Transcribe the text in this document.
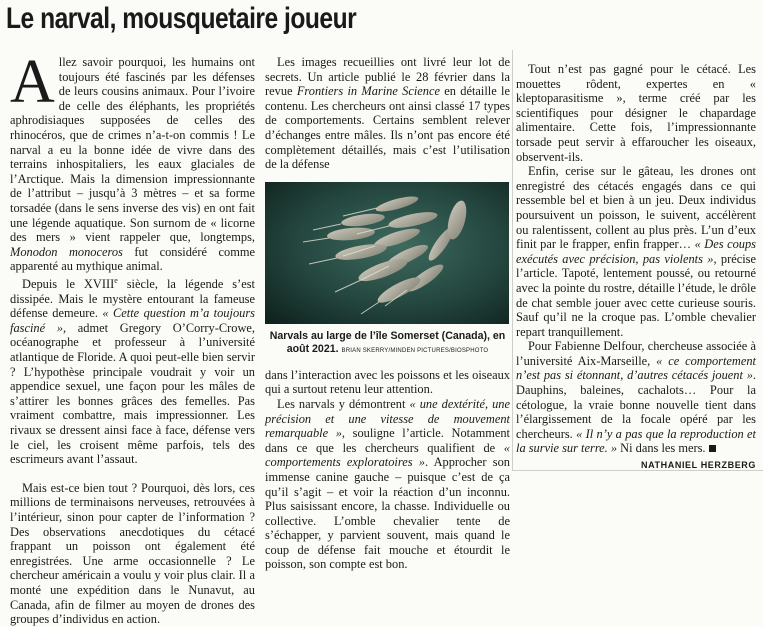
Le narval, mousquetaire joueur

Allez savoir pourquoi, les humains ont toujours été fascinés par les défenses de leurs cousins animaux. Pour l’ivoire de celle des éléphants, les propriétés aphrodisiaques supposées de celles des rhinocéros, que de crimes n’a-t-on commis ! Le narval a eu la bonne idée de vivre dans des terrains inhospitaliers, les eaux glaciales de l’Arctique. Mais la dimension impressionnante de l’attribut – jusqu’à 3 mètres – et sa forme torsadée (dans le sens inverse des vis) en ont fait une légende aquatique. Son surnom de « licorne des mers » vient rappeler que, longtemps, Monodon monoceros fut considéré comme apparenté au mythique animal.

Depuis le XVIIIe siècle, la légende s’est dissipée. Mais le mystère entourant la fameuse défense demeure. « Cette question m’a toujours fasciné », admet Gregory O’Corry-Crowe, océanographe et professeur à l’université atlantique de Floride. A quoi peut-elle bien servir ? L’hypothèse principale voudrait y voir un appendice sexuel, une façon pour les mâles de s’attirer les bonnes grâces des femelles. Pas vraiment combattre, mais impressionner. Les rivaux se dressent ainsi face à face, défense vers le ciel, les croisent même parfois, tels des escrimeurs avant l’assaut.

Mais est-ce bien tout ? Pourquoi, dès lors, ces millions de terminaisons nerveuses, retrouvées à l’intérieur, sinon pour capter de l’information ? Des observations anecdotiques du cétacé frappant un poisson ont également été enregistrées. Une arme occasionnelle ? Le chercheur américain a voulu y voir plus clair. Il a monté une expédition dans le Nunavut, au Canada, afin de filmer au moyen de drones des groupes d’individus en action.

Les images recueillies ont livré leur lot de secrets. Un article publié le 28 février dans la revue Frontiers in Marine Science en détaille le contenu. Les chercheurs ont ainsi classé 17 types de comportements. Certains semblent relever d’échanges entre mâles. Ils n’ont pas encore été complètement détaillés, mais c’est l’utilisation de la défense

Narvals au large de l’île Somerset (Canada), en août 2021. BRIAN SKERRY/MINDEN PICTURES/BIOSPHOTO

dans l’interaction avec les poissons et les oiseaux qui a surtout retenu leur attention.

Les narvals y démontrent « une dextérité, une précision et une vitesse de mouvement remarquable », souligne l’article. Notamment dans ce que les chercheurs qualifient de « comportements exploratoires ». Approcher son immense canine gauche – puisque c’est de ça qu’il s’agit – et voir la réaction d’un inconnu. Plus saisissant encore, la chasse. Individuelle ou collective. L’omble chevalier tente de s’échapper, y parvient souvent, mais quand le coup de défense fait mouche et étourdit le poisson, son compte est bon.

Tout n’est pas gagné pour le cétacé. Les mouettes rôdent, expertes en « kleptoparasitisme », terme créé par les scientifiques pour désigner le chapardage alimentaire. Cette fois, l’impressionnante torsade peut servir à effaroucher les oiseaux, observent-ils.

Enfin, cerise sur le gâteau, les drones ont enregistré des cétacés engagés dans ce qui ressemble bel et bien à un jeu. Deux individus poursuivent un poisson, le suivent, accélèrent ou ralentissent, collent au plus près. L’un d’eux finit par le frapper, enfin frapper… « Des coups exécutés avec précision, pas violents », précise l’article. Tapoté, lentement poussé, ou retourné avec la pointe du rostre, détaille l’étude, le drôle de chat semble jouer avec cette curieuse souris. Sauf qu’il ne la croque pas. L’omble chevalier repart tranquillement.

Pour Fabienne Delfour, chercheuse associée à l’université Aix-Marseille, « ce comportement n’est pas si étonnant, d’autres cétacés jouent ». Dauphins, baleines, cachalots… Pour la cétologue, la vraie bonne nouvelle tient dans l’élargissement de la focale opéré par les chercheurs. « Il n’y a pas que la reproduction et la survie sur terre. » Ni dans les mers.

NATHANIEL HERZBERG
